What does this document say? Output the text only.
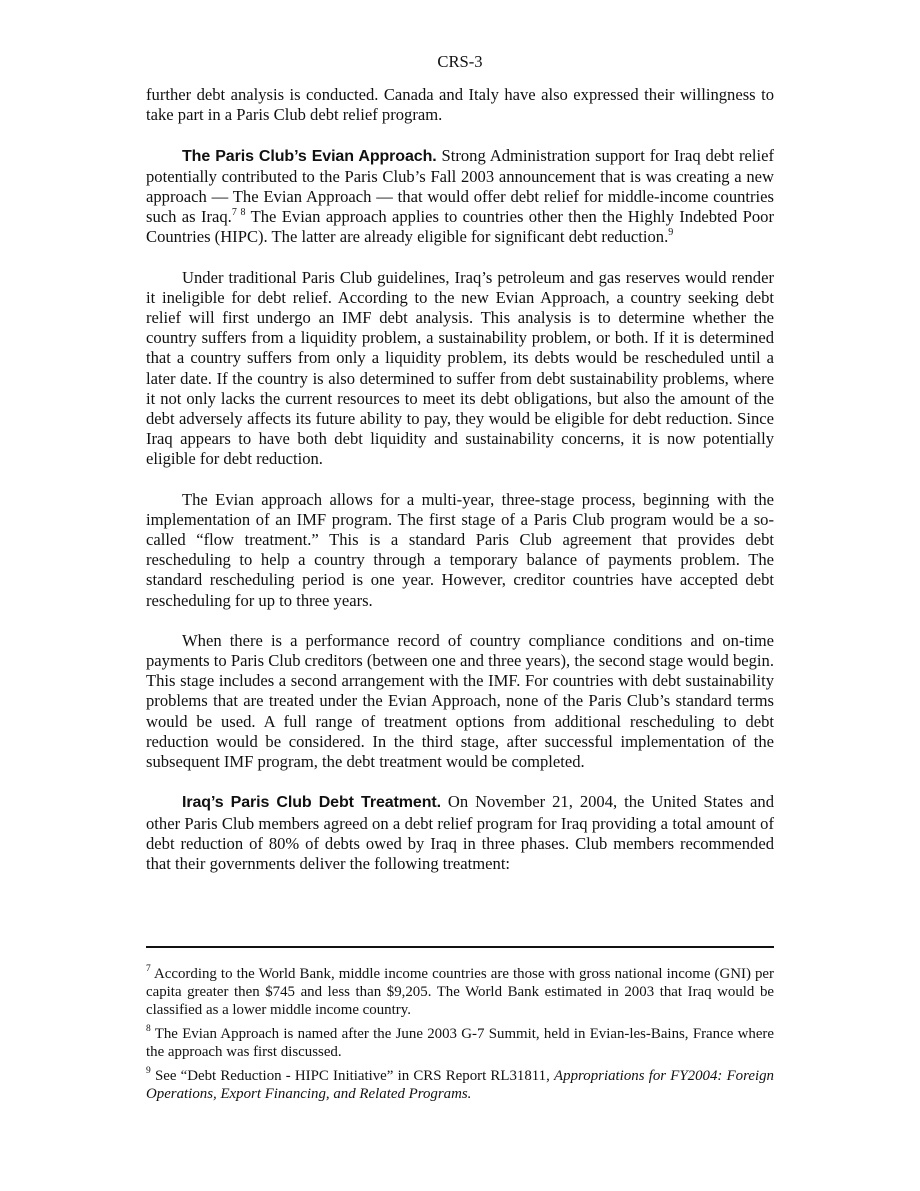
CRS-3

further debt analysis is conducted. Canada and Italy have also expressed their willingness to take part in a Paris Club debt relief program.

The Paris Club’s Evian Approach. Strong Administration support for Iraq debt relief potentially contributed to the Paris Club’s Fall 2003 announcement that is was creating a new approach — The Evian Approach — that would offer debt relief for middle-income countries such as Iraq.$^7$ $^8$ The Evian approach applies to countries other then the Highly Indebted Poor Countries (HIPC). The latter are already eligible for significant debt reduction.$^9$

Under traditional Paris Club guidelines, Iraq’s petroleum and gas reserves would render it ineligible for debt relief. According to the new Evian Approach, a country seeking debt relief will first undergo an IMF debt analysis. This analysis is to determine whether the country suffers from a liquidity problem, a sustainability problem, or both. If it is determined that a country suffers from only a liquidity problem, its debts would be rescheduled until a later date. If the country is also determined to suffer from debt sustainability problems, where it not only lacks the current resources to meet its debt obligations, but also the amount of the debt adversely affects its future ability to pay, they would be eligible for debt reduction. Since Iraq appears to have both debt liquidity and sustainability concerns, it is now potentially eligible for debt reduction.

The Evian approach allows for a multi-year, three-stage process, beginning with the implementation of an IMF program. The first stage of a Paris Club program would be a so-called “flow treatment.” This is a standard Paris Club agreement that provides debt rescheduling to help a country through a temporary balance of payments problem. The standard rescheduling period is one year. However, creditor countries have accepted debt rescheduling for up to three years.

When there is a performance record of country compliance conditions and on-time payments to Paris Club creditors (between one and three years), the second stage would begin. This stage includes a second arrangement with the IMF. For countries with debt sustainability problems that are treated under the Evian Approach, none of the Paris Club’s standard terms would be used. A full range of treatment options from additional rescheduling to debt reduction would be considered. In the third stage, after successful implementation of the subsequent IMF program, the debt treatment would be completed.

Iraq’s Paris Club Debt Treatment. On November 21, 2004, the United States and other Paris Club members agreed on a debt relief program for Iraq providing a total amount of debt reduction of 80% of debts owed by Iraq in three phases. Club members recommended that their governments deliver the following treatment:

$^7$ According to the World Bank, middle income countries are those with gross national income (GNI) per capita greater then $745 and less than $9,205. The World Bank estimated in 2003 that Iraq would be classified as a lower middle income country.

$^8$ The Evian Approach is named after the June 2003 G-7 Summit, held in Evian-les-Bains, France where the approach was first discussed.

$^9$ See “Debt Reduction - HIPC Initiative” in CRS Report RL31811, Appropriations for FY2004: Foreign Operations, Export Financing, and Related Programs.
